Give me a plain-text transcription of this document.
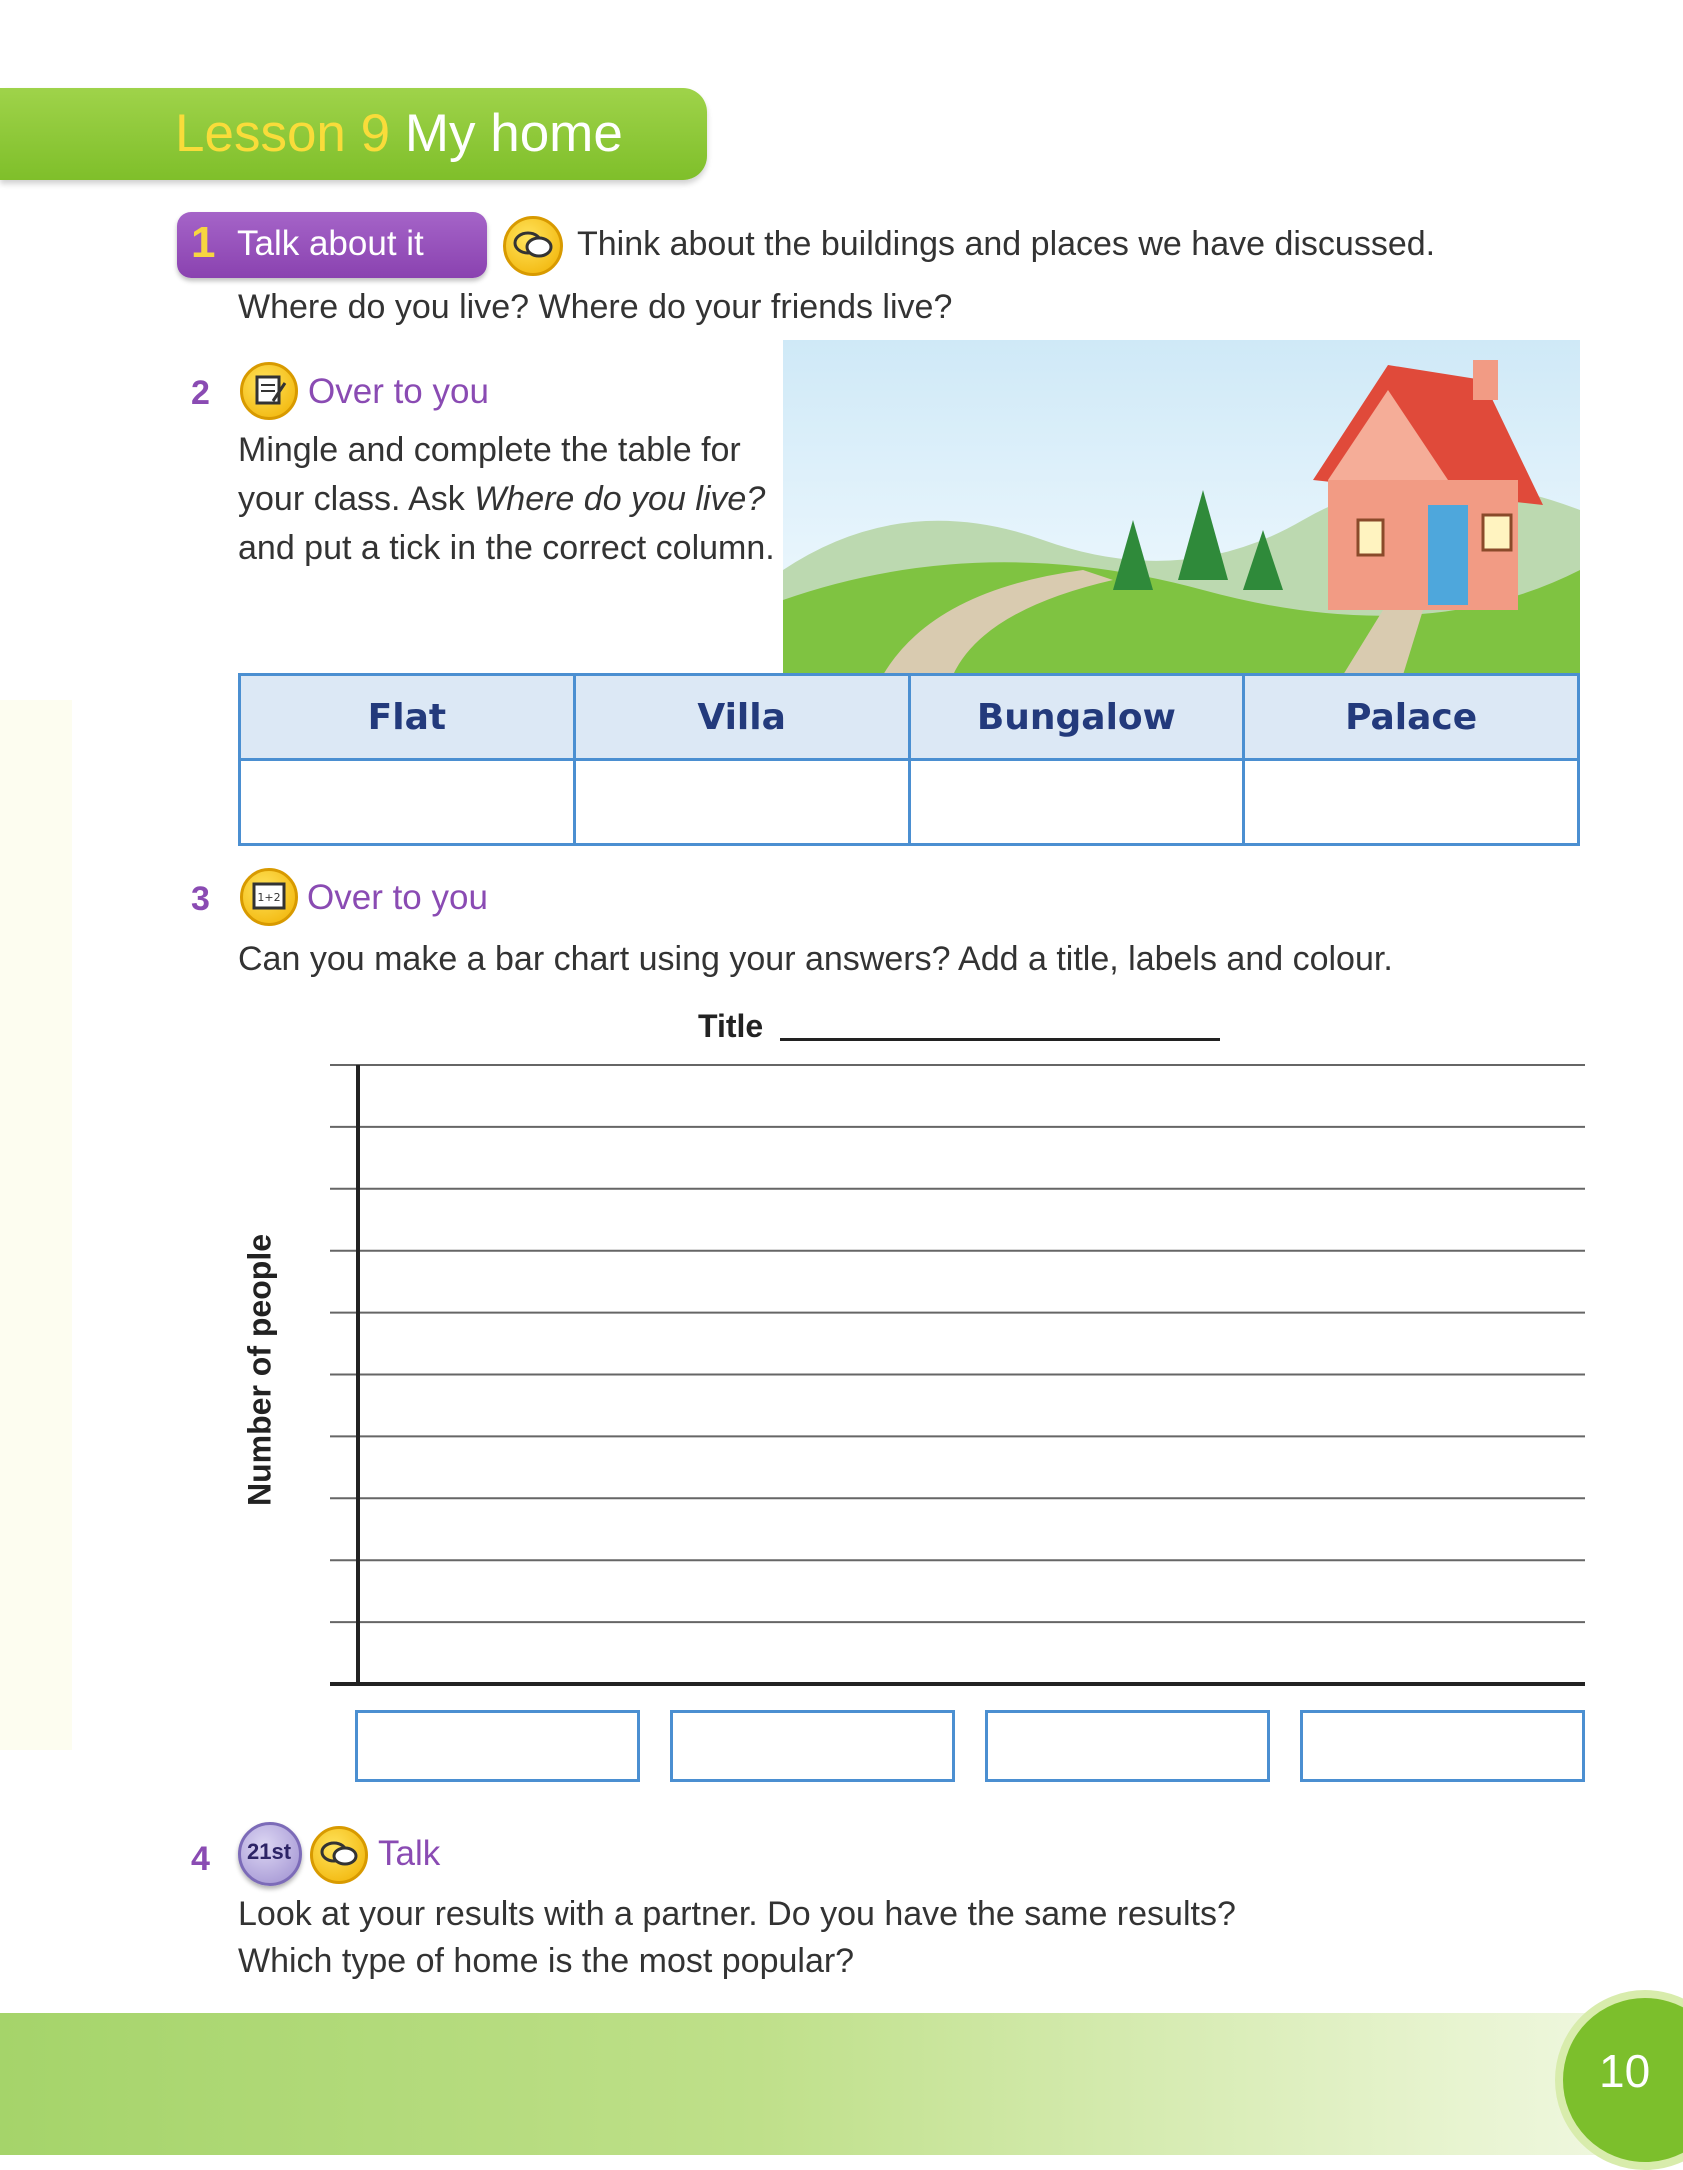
Lesson 9 My home
1 Talk about it	Think about the buildings and places we have discussed.
Where do you live? Where do your friends live?
2	Over to you
Mingle and complete the table for
your class. Ask Where do you live?
and put a tick in the correct column.
Flat	Villa	Bungalow	Palace

3	1+2 Over to you
Can you make a bar chart using your answers? Add a title, labels and colour.
Title
Number of people
4 21st Talk
Look at your results with a partner. Do you have the same results?
Which type of home is the most popular?
10
